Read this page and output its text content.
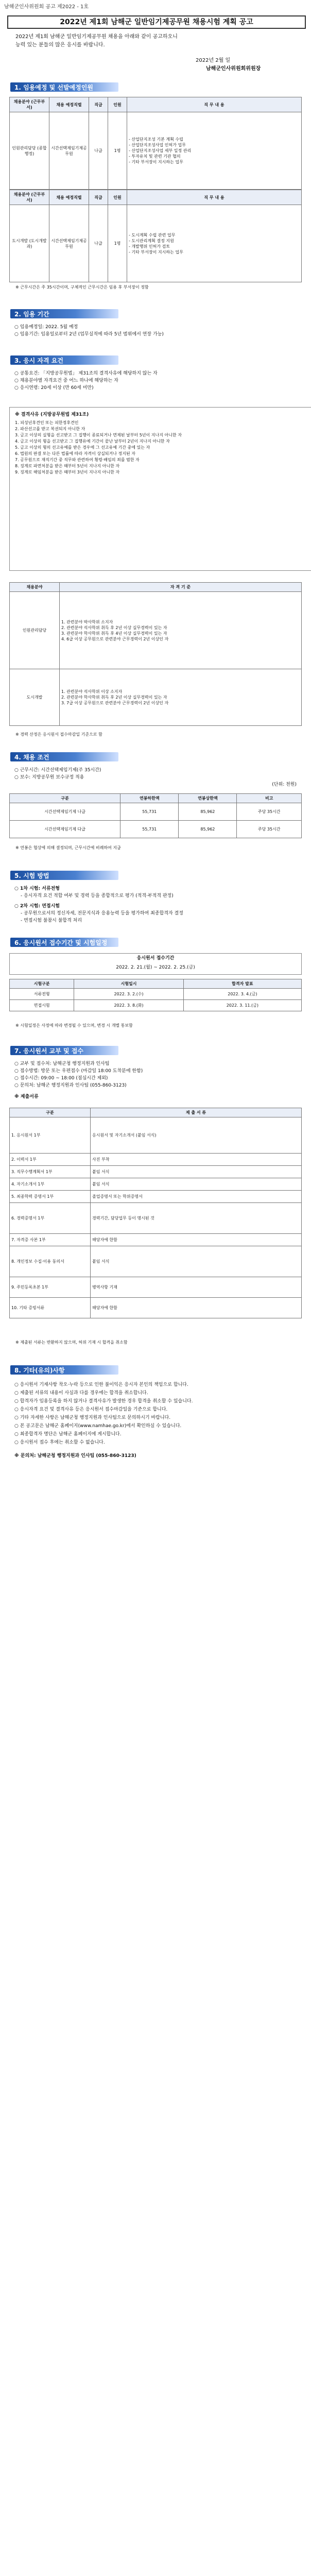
남해군인사위원회 공고 제2022 - 1호
2022년 제1회 남해군 일반임기제공무원 채용시험 계획 공고
2022년 제1회 남해군 일반임기제공무원 채용을 아래와 같이 공고하오니
능력 있는 분들의 많은 응시를 바랍니다.
2022년 2월 일
남해군인사위원회위원장
1. 임용예정 및 선발예정인원
채용분야 (근무부서)	채용 예정직렬	직급	인원	직 무 내 용
인원관리담당 (종합행정)	시간선택제임기제공무원	나급	1명	- 산업단지조성 기본 계획 수립
- 산업단지조성사업 인허가 업무
- 산업단지조성사업 세부 일정 관리
- 투자유치 및 관련 기관 협의
- 기타 부서장이 지시하는 업무
채용분야 (근무부서)	채용 예정직렬	직급	인원	직 무 내 용
도시개발 (도시개발과)	시간선택제임기제공무원	나급	1명	- 도시계획 수립 관련 업무
- 도시관리계획 결정 지원
- 개발행위 인허가 검토
- 기타 부서장이 지시하는 업무
※ 근무시간은 주 35시간이며, 구체적인 근무시간은 임용 후 부서장이 정함
2. 임용 기간
○ 임용예정일: 2022. 5월 예정
○ 임용기간: 임용일로부터 2년 (업무실적에 따라 5년 범위에서 연장 가능)
3. 응시 자격 요건
○ 공통요건: 「지방공무원법」 제31조의 결격사유에 해당하지 않는 자
○ 채용분야별 자격요건 중 어느 하나에 해당하는 자
○ 응시연령: 20세 이상 (만 60세 미만)
※ 결격사유 (지방공무원법 제31조)
1. 피성년후견인 또는 피한정후견인
2. 파산선고를 받고 복권되지 아니한 자
3. 금고 이상의 실형을 선고받고 그 집행이 종료되거나 면제된 날부터 5년이 지나지 아니한 자
4. 금고 이상의 형을 선고받고 그 집행유예 기간이 끝난 날부터 2년이 지나지 아니한 자
5. 금고 이상의 형의 선고유예를 받은 경우에 그 선고유예 기간 중에 있는 자
6. 법원의 판결 또는 다른 법률에 따라 자격이 상실되거나 정지된 자
7. 공무원으로 재직기간 중 직무와 관련하여 횡령·배임의 죄를 범한 자
8. 징계로 파면처분을 받은 때부터 5년이 지나지 아니한 자
9. 징계로 해임처분을 받은 때부터 3년이 지나지 아니한 자
채용분야	자 격 기 준
인원관리담당	1. 관련분야 박사학위 소지자
2. 관련분야 석사학위 취득 후 2년 이상 실무경력이 있는 자
3. 관련분야 학사학위 취득 후 4년 이상 실무경력이 있는 자
4. 6급 이상 공무원으로 관련분야 근무경력이 2년 이상인 자
도시개발	1. 관련분야 석사학위 이상 소지자
2. 관련분야 학사학위 취득 후 2년 이상 실무경력이 있는 자
3. 7급 이상 공무원으로 관련분야 근무경력이 2년 이상인 자
※ 경력 산정은 응시원서 접수마감일 기준으로 함
4. 채용 조건
○ 근무시간: 시간선택제임기제(주 35시간)
○ 보수: 지방공무원 보수규정 적용
(단위: 천원)
구분	연봉하한액	연봉상한액	비고
시간선택제임기제 나급	55,731	85,962	주당 35시간
시간선택제임기제 다급	55,731	85,962	주당 35시간
※ 연봉은 협상에 의해 결정되며, 근무시간에 비례하여 지급
5. 시험 방법
○ 1차 시험: 서류전형
- 응시자격 요건 적합 여부 및 경력 등을 종합적으로 평가 (적격·부적격 판정)
○ 2차 시험: 면접시험
- 공무원으로서의 정신자세, 전문지식과 응용능력 등을 평가하여 최종합격자 결정
- 면접시험 불참시 불합격 처리
6. 응시원서 접수기간 및 시험일정
응시원서 접수기간
2022. 2. 21.(월) ~ 2022. 2. 25.(금)
시험구분	시험일시	합격자 발표
서류전형	2022. 3. 2.(수)	2022. 3. 4.(금)
면접시험	2022. 3. 8.(화)	2022. 3. 11.(금)
※ 시험일정은 사정에 따라 변경될 수 있으며, 변경 시 개별 통보함
7. 응시원서 교부 및 접수
○ 교부 및 접수처: 남해군청 행정지원과 인사팀
○ 접수방법: 방문 또는 우편접수 (마감일 18:00 도착분에 한함)
○ 접수시간: 09:00 ~ 18:00 (점심시간 제외)
○ 문의처: 남해군 행정지원과 인사팀 (055-860-3123)
※ 제출서류
구분	제 출 서 류
1. 응시원서 1부	응시원서 및 자기소개서 (붙임 서식)
2. 이력서 1부	사진 부착
3. 직무수행계획서 1부	붙임 서식
4. 자기소개서 1부	붙임 서식
5. 최종학력 증명서 1부	졸업증명서 또는 학위증명서
6. 경력증명서 1부	경력기간, 담당업무 등이 명시된 것
7. 자격증 사본 1부	해당자에 한함
8. 개인정보 수집·이용 동의서	붙임 서식
9. 주민등록초본 1부	병역사항 기재
10. 기타 증빙서류	해당자에 한함
※ 제출된 서류는 반환하지 않으며, 허위 기재 시 합격을 취소함
8. 기타(유의)사항
○ 응시원서 기재사항 착오·누락 등으로 인한 불이익은 응시자 본인의 책임으로 합니다.
○ 제출된 서류의 내용이 사실과 다를 경우에는 합격을 취소합니다.
○ 합격자가 임용등록을 하지 않거나 결격사유가 발생한 경우 합격을 취소할 수 있습니다.
○ 응시자격 요건 및 결격사유 등은 응시원서 접수마감일을 기준으로 합니다.
○ 기타 자세한 사항은 남해군청 행정지원과 인사팀으로 문의하시기 바랍니다.
○ 본 공고문은 남해군 홈페이지(www.namhae.go.kr)에서 확인하실 수 있습니다.
○ 최종합격자 명단은 남해군 홈페이지에 게시합니다.
○ 응시원서 접수 후에는 취소할 수 없습니다.
※ 문의처: 남해군청 행정지원과 인사팀 (055-860-3123)
